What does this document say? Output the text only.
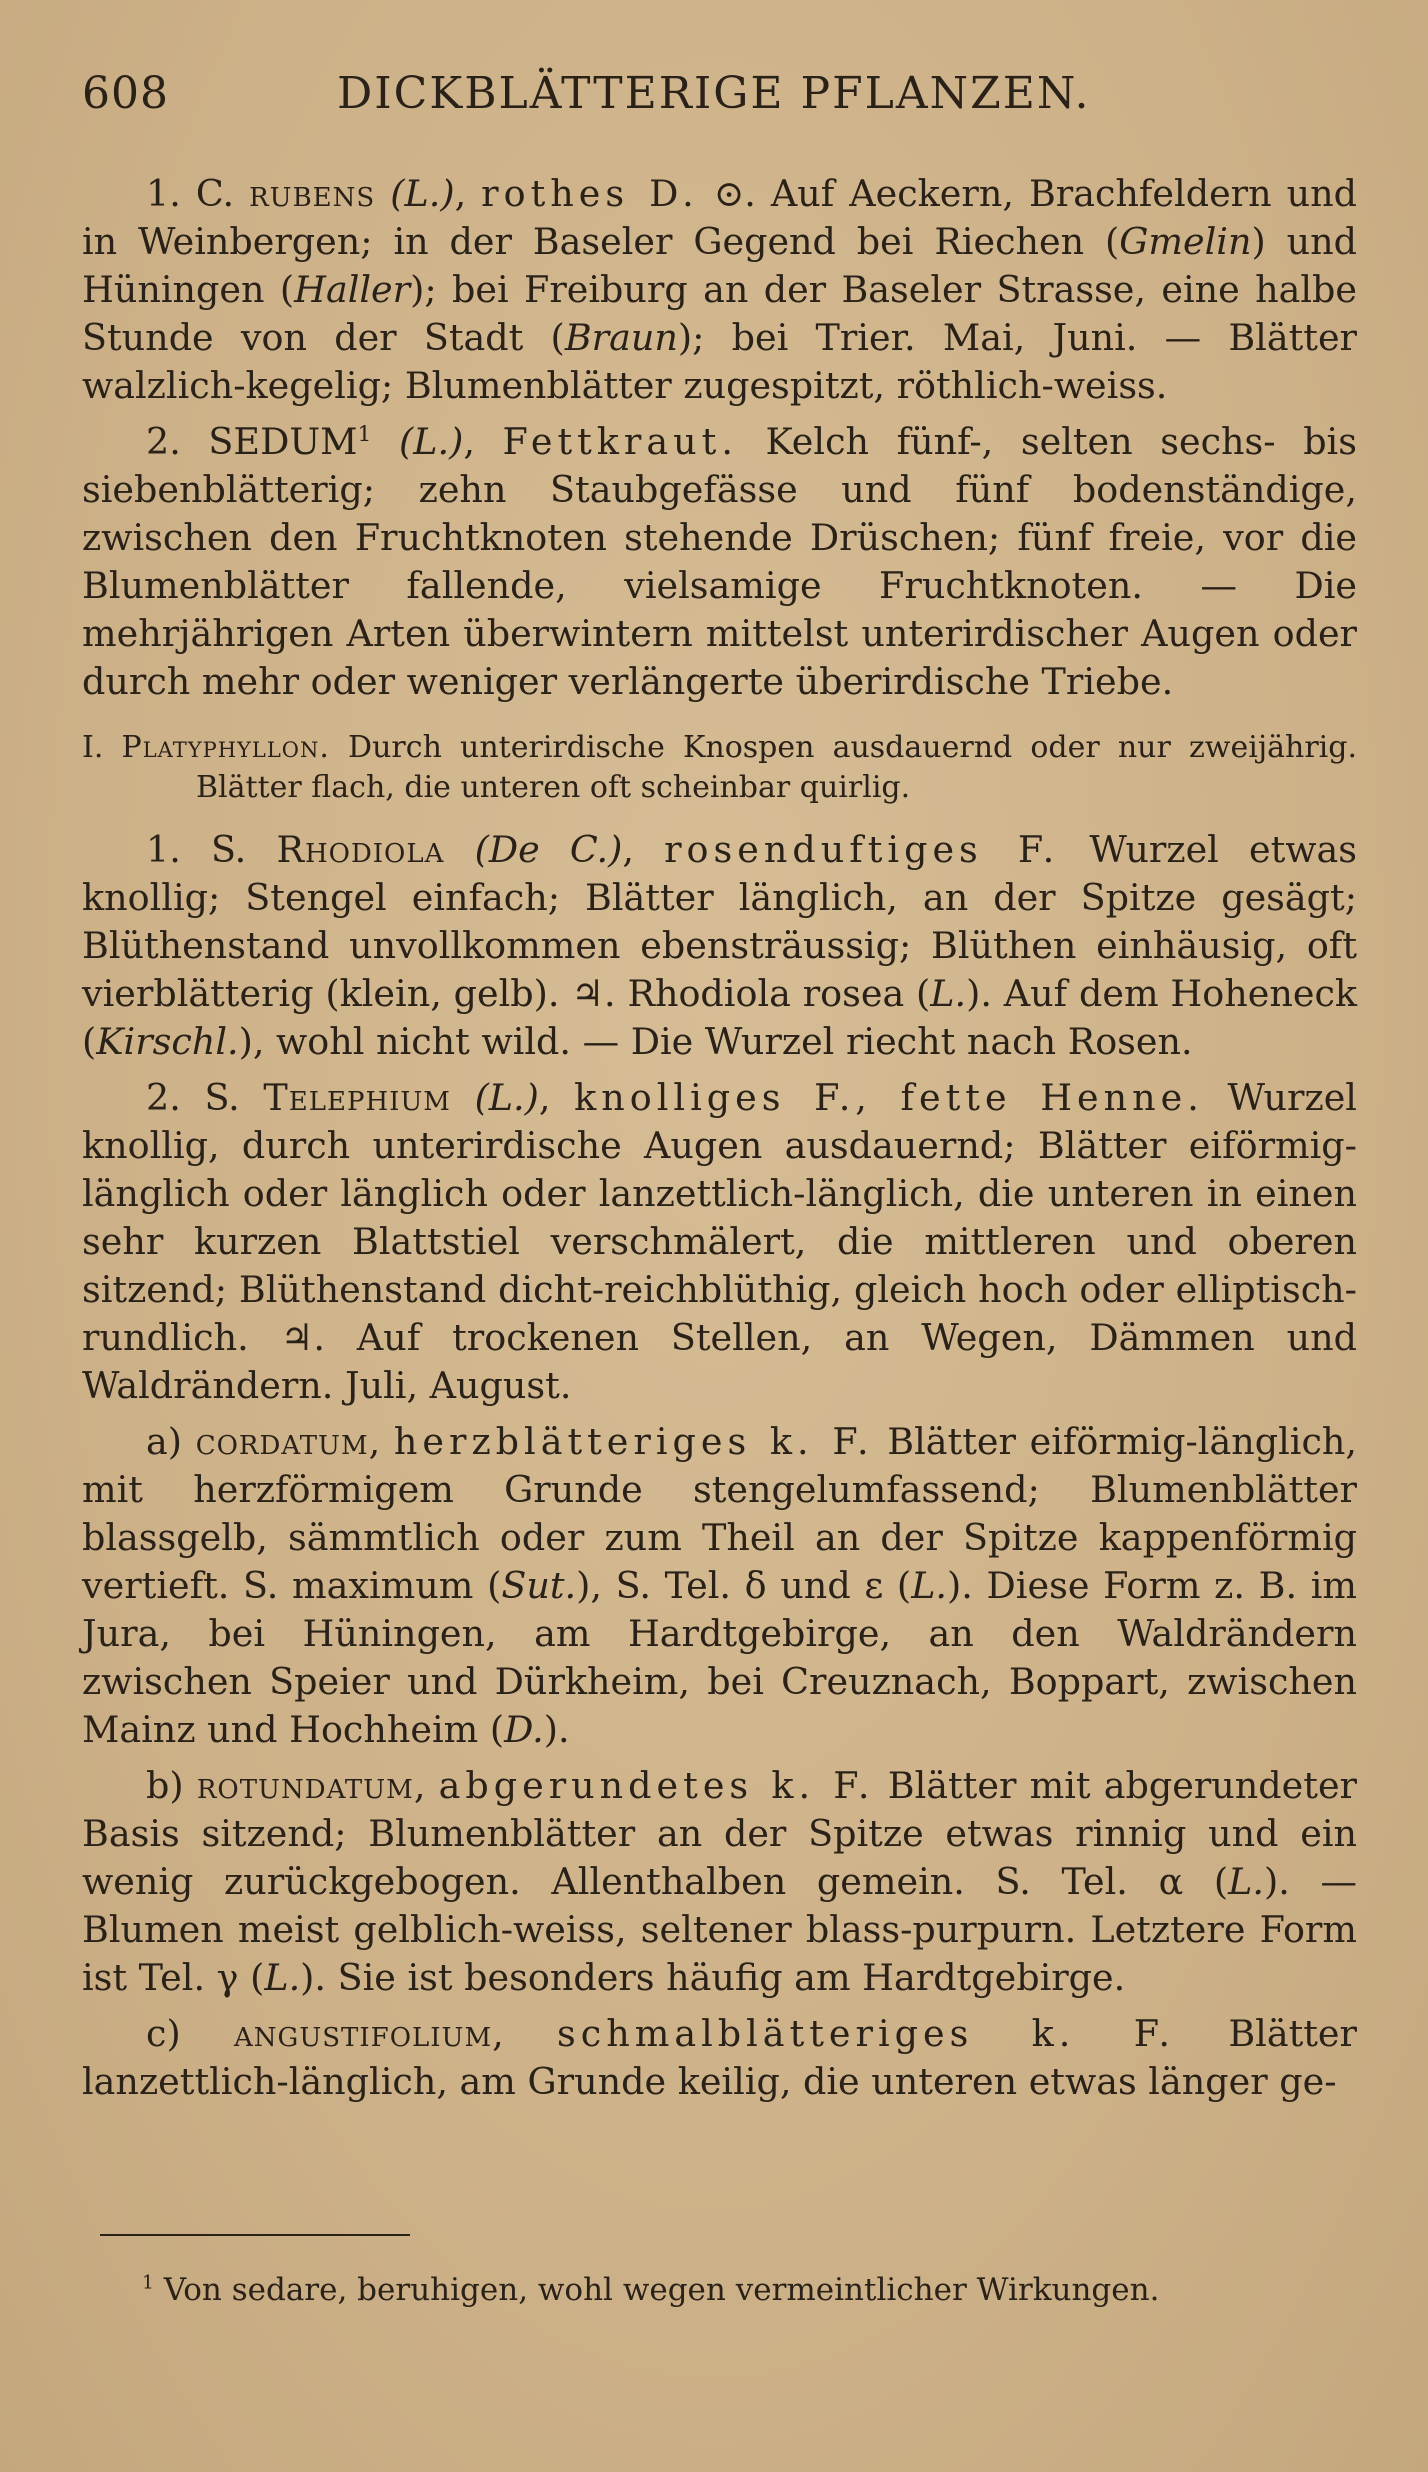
608	DICKBLÄTTERIGE PFLANZEN.

1. C. rubens (L.), rothes D. ⊙. Auf Aeckern, Brachfeldern und in Weinbergen; in der Baseler Gegend bei Riechen (Gmelin) und Hüningen (Haller); bei Freiburg an der Baseler Strasse, eine halbe Stunde von der Stadt (Braun); bei Trier. Mai, Juni. — Blätter walzlich-kegelig; Blumenblätter zugespitzt, röthlich-weiss.

2. SEDUM$^1$ (L.), Fettkraut. Kelch fünf-, selten sechs- bis siebenblätterig; zehn Staubgefässe und fünf bodenständige, zwischen den Fruchtknoten stehende Drüschen; fünf freie, vor die Blumenblätter fallende, vielsamige Fruchtknoten. — Die mehrjährigen Arten überwintern mittelst unterirdischer Augen oder durch mehr oder weniger verlängerte überirdische Triebe.

I. Platyphyllon. Durch unterirdische Knospen ausdauernd oder nur zweijährig. Blätter flach, die unteren oft scheinbar quirlig.

1. S. Rhodiola (De C.), rosenduftiges F. Wurzel etwas knollig; Stengel einfach; Blätter länglich, an der Spitze gesägt; Blüthenstand unvollkommen ebensträussig; Blüthen einhäusig, oft vierblätterig (klein, gelb). ♃. Rhodiola rosea (L.). Auf dem Hoheneck (Kirschl.), wohl nicht wild. — Die Wurzel riecht nach Rosen.

2. S. Telephium (L.), knolliges F., fette Henne. Wurzel knollig, durch unterirdische Augen ausdauernd; Blätter eiförmig-länglich oder länglich oder lanzettlich-länglich, die unteren in einen sehr kurzen Blattstiel verschmälert, die mittleren und oberen sitzend; Blüthenstand dicht-reichblüthig, gleich hoch oder elliptisch-rundlich. ♃. Auf trockenen Stellen, an Wegen, Dämmen und Waldrändern. Juli, August.

a) cordatum, herzblätteriges k. F. Blätter eiförmig-länglich, mit herzförmigem Grunde stengelumfassend; Blumenblätter blassgelb, sämmtlich oder zum Theil an der Spitze kappenförmig vertieft. S. maximum (Sut.), S. Tel. δ und ε (L.). Diese Form z. B. im Jura, bei Hüningen, am Hardtgebirge, an den Waldrändern zwischen Speier und Dürkheim, bei Creuznach, Boppart, zwischen Mainz und Hochheim (D.).

b) rotundatum, abgerundetes k. F. Blätter mit abgerundeter Basis sitzend; Blumenblätter an der Spitze etwas rinnig und ein wenig zurückgebogen. Allenthalben gemein. S. Tel. α (L.). — Blumen meist gelblich-weiss, seltener blass-purpurn. Letztere Form ist Tel. γ (L.). Sie ist besonders häufig am Hardtgebirge.

c) angustifolium, schmalblätteriges k. F. Blätter lanzettlich-länglich, am Grunde keilig, die unteren etwas länger ge-

$^1$ Von sedare, beruhigen, wohl wegen vermeintlicher Wirkungen.
